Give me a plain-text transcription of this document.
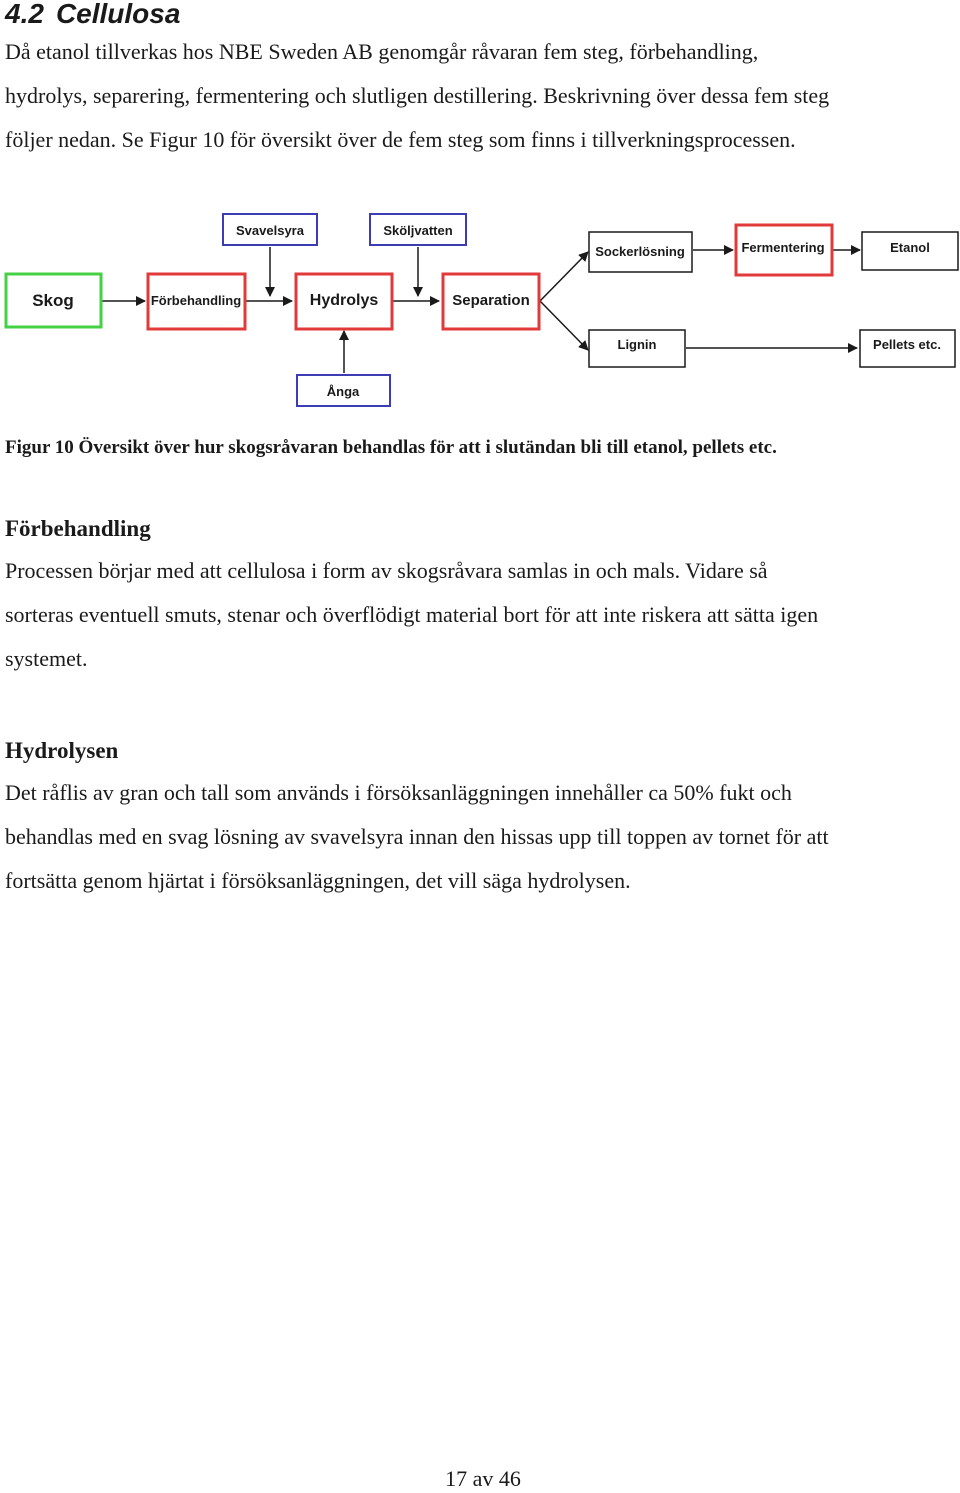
4.2 Cellulosa
Då etanol tillverkas hos NBE Sweden AB genomgår råvaran fem steg, förbehandling,
hydrolys, separering, fermentering och slutligen destillering. Beskrivning över dessa fem steg
följer nedan. Se Figur 10 för översikt över de fem steg som finns i tillverkningsprocessen.
Skog	Förbehandling	Hydrolys	Separation
Svavelsyra	Sköljvatten
Ånga
Sockerlösning	Fermentering	Etanol
Lignin	Pellets etc.
Figur 10 Översikt över hur skogsråvaran behandlas för att i slutändan bli till etanol, pellets etc.
Förbehandling
Processen börjar med att cellulosa i form av skogsråvara samlas in och mals. Vidare så
sorteras eventuell smuts, stenar och överflödigt material bort för att inte riskera att sätta igen
systemet.
Hydrolysen
Det råflis av gran och tall som används i försöksanläggningen innehåller ca 50% fukt och
behandlas med en svag lösning av svavelsyra innan den hissas upp till toppen av tornet för att
fortsätta genom hjärtat i försöksanläggningen, det vill säga hydrolysen.
17 av 46
